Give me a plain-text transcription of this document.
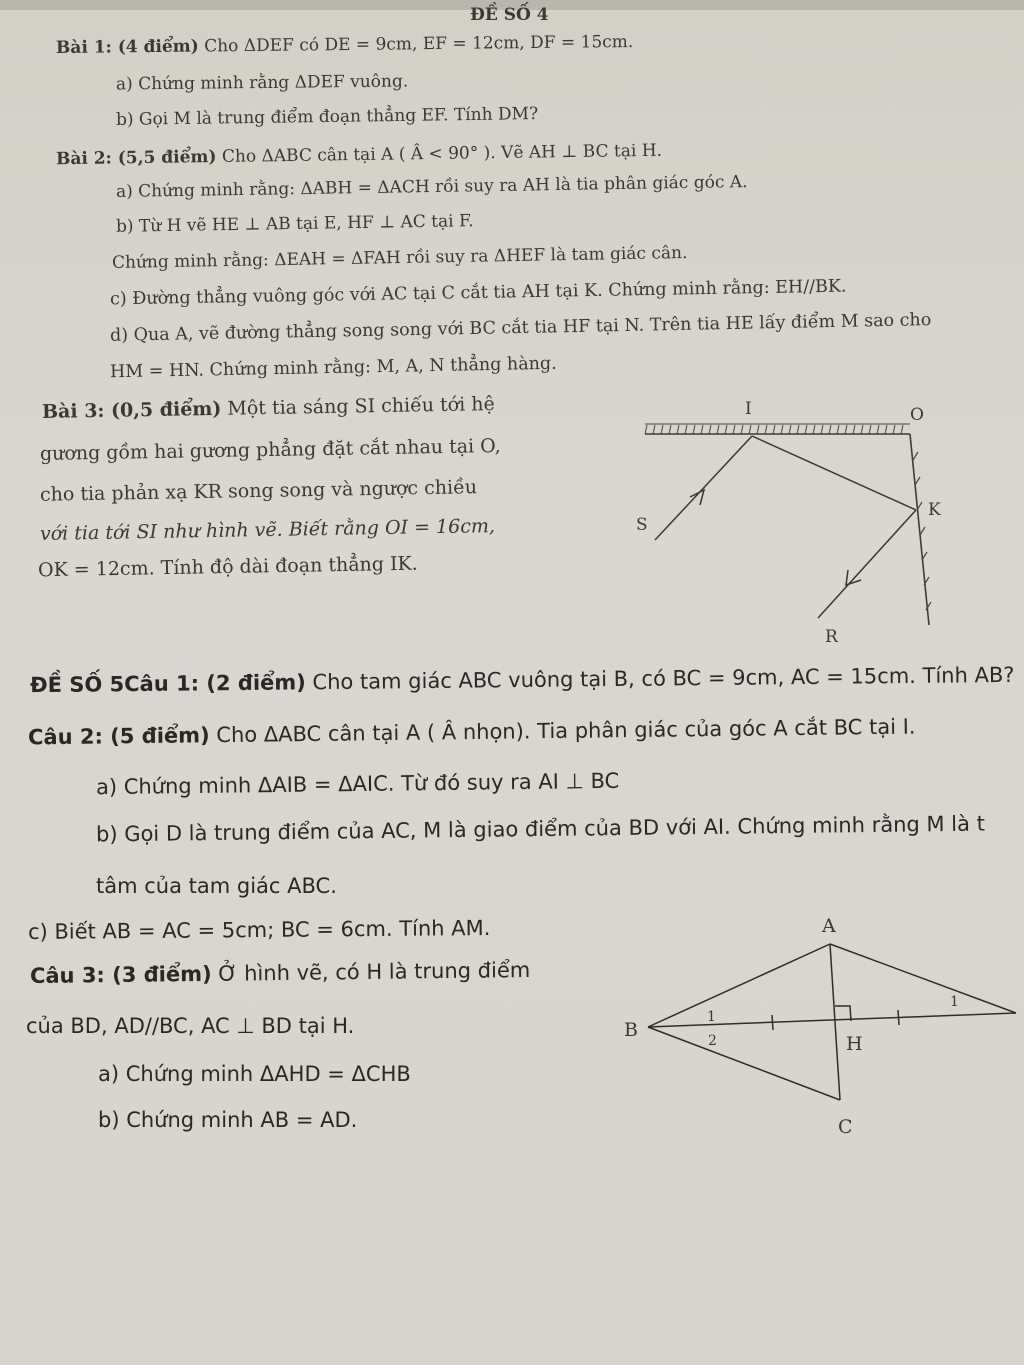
ĐỀ SỐ 4
Bài 1: (4 điểm) Cho ΔDEF có DE = 9cm, EF = 12cm, DF = 15cm.
a) Chứng minh rằng ΔDEF vuông.
b) Gọi M là trung điểm đoạn thẳng EF. Tính DM?
Bài 2: (5,5 điểm) Cho ΔABC cân tại A ( Â < 90° ). Vẽ AH ⊥ BC tại H.
a) Chứng minh rằng: ΔABH = ΔACH rồi suy ra AH là tia phân giác góc A.
b) Từ H vẽ HE ⊥ AB tại E, HF ⊥ AC tại F.
Chứng minh rằng: ΔEAH = ΔFAH rồi suy ra ΔHEF là tam giác cân.
c) Đường thẳng vuông góc với AC tại C cắt tia AH tại K. Chứng minh rằng: EH//BK.
d) Qua A, vẽ đường thẳng song song với BC cắt tia HF tại N. Trên tia HE lấy điểm M sao cho
HM = HN. Chứng minh rằng: M, A, N thẳng hàng.
Bài 3: (0,5 điểm) Một tia sáng SI chiếu tới hệ
gương gồm hai gương phẳng đặt cắt nhau tại O,
cho tia phản xạ KR song song và ngược chiều
với tia tới SI như hình vẽ. Biết rằng OI = 16cm,
OK = 12cm. Tính độ dài đoạn thẳng IK.
I	O
K
S
R
ĐỀ SỐ 5Câu 1: (2 điểm) Cho tam giác ABC vuông tại B, có BC = 9cm, AC = 15cm. Tính AB?
Câu 2: (5 điểm) Cho ΔABC cân tại A ( Â nhọn). Tia phân giác của góc A cắt BC tại I.
a) Chứng minh ΔAIB = ΔAIC. Từ đó suy ra AI ⊥ BC
b) Gọi D là trung điểm của AC, M là giao điểm của BD với AI. Chứng minh rằng M là t
tâm của tam giác ABC.
c) Biết AB = AC = 5cm; BC = 6cm. Tính AM.
Câu 3: (3 điểm) Ở hình vẽ, có H là trung điểm
của BD, AD//BC, AC ⊥ BD tại H.
a) Chứng minh ΔAHD = ΔCHB
b) Chứng minh AB = AD.
A
B
H
C
1
2
1
